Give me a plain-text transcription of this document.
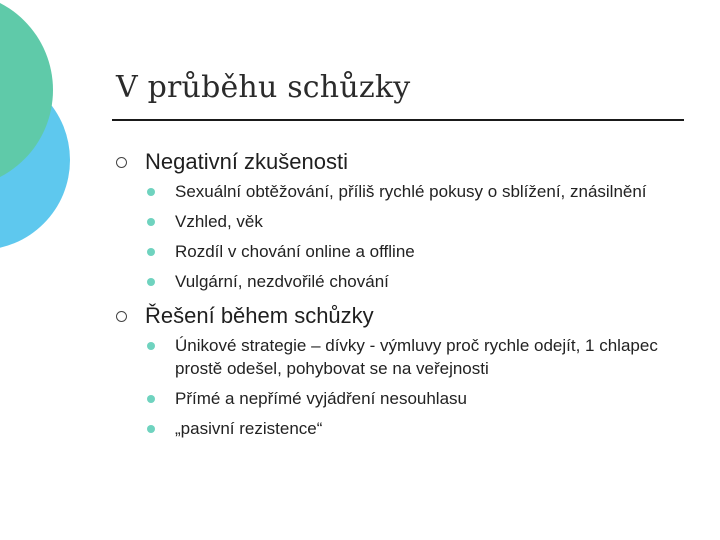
V průběhu schůzky
Negativní zkušenosti
Sexuální obtěžování, příliš rychlé pokusy o sblížení, znásilnění
Vzhled, věk
Rozdíl v chování online a offline
Vulgární, nezdvořilé chování
Řešení během schůzky
Únikové strategie – dívky - výmluvy proč rychle odejít, 1 chlapec prostě odešel, pohybovat se na veřejnosti
Přímé a nepřímé vyjádření nesouhlasu
„pasivní rezistence“
